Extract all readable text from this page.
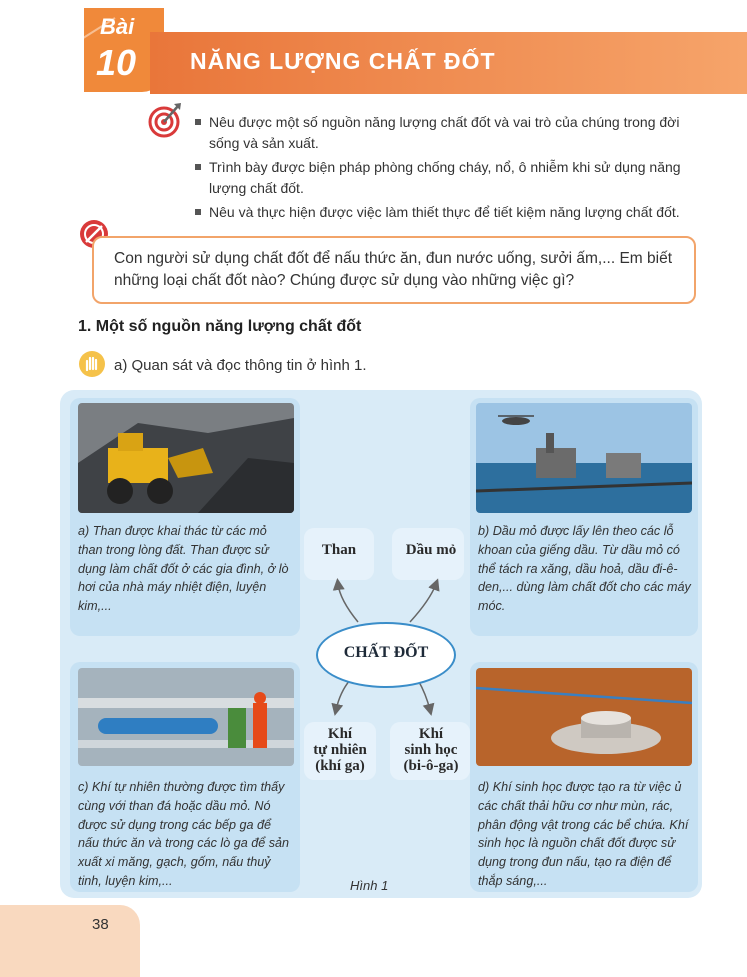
Bài
10 NĂNG LƯỢNG CHẤT ĐỐT
Nêu được một số nguồn năng lượng chất đốt và vai trò của chúng trong đời sống và sản xuất.
Trình bày được biện pháp phòng chống cháy, nổ, ô nhiễm khi sử dụng năng lượng chất đốt.
Nêu và thực hiện được việc làm thiết thực để tiết kiệm năng lượng chất đốt.
Con người sử dụng chất đốt để nấu thức ăn, đun nước uống, sưởi ấm,... Em biết những loại chất đốt nào? Chúng được sử dụng vào những việc gì?
1. Một số nguồn năng lượng chất đốt
a) Quan sát và đọc thông tin ở hình 1.
a) Than được khai thác từ các mỏ than trong lòng đất. Than được sử dụng làm chất đốt ở các gia đình, ở lò hơi của nhà máy nhiệt điện, luyện kim,...
b) Dầu mỏ được lấy lên theo các lỗ khoan của giếng dầu. Từ dầu mỏ có thể tách ra xăng, dầu hoả, dầu đi-ê-den,... dùng làm chất đốt cho các máy móc.
c) Khí tự nhiên thường được tìm thấy cùng với than đá hoặc dầu mỏ. Nó được sử dụng trong các bếp ga để nấu thức ăn và trong các lò ga để sản xuất xi măng, gạch, gốm, nấu thuỷ tinh, luyện kim,...
d) Khí sinh học được tạo ra từ việc ủ các chất thải hữu cơ như mùn, rác, phân động vật trong các bể chứa. Khí sinh học là nguồn chất đốt được sử dụng trong đun nấu, tạo ra điện để thắp sáng,...
Than	Dầu mỏ
CHẤT ĐỐT
Khí
tự nhiên
(khí ga)
Khí
sinh học
(bi-ô-ga)
Hình 1
38
